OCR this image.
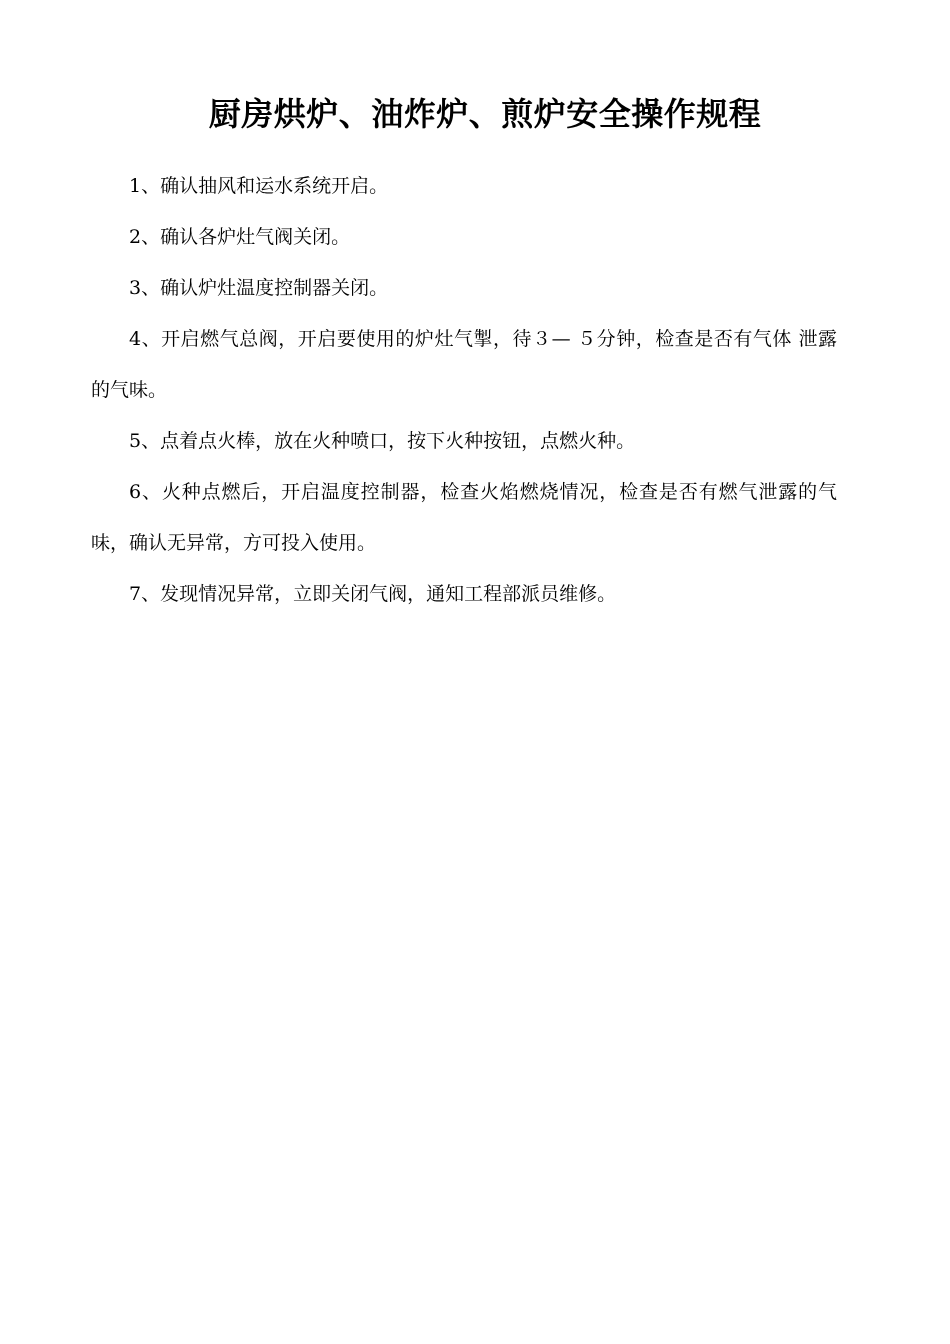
厨房烘炉、油炸炉、煎炉安全操作规程

1、确认抽风和运水系统开启。

2、确认各炉灶气阀关闭。

3、确认炉灶温度控制器关闭。

4、开启燃气总阀，开启要使用的炉灶气掣，待３— ５分钟，检查是否有气体 泄露的气味。

5、点着点火棒，放在火种喷口，按下火种按钮，点燃火种。

6、火种点燃后，开启温度控制器，检查火焰燃烧情况，检查是否有燃气泄露的气味，确认无异常，方可投入使用。

7、发现情况异常，立即关闭气阀，通知工程部派员维修。
